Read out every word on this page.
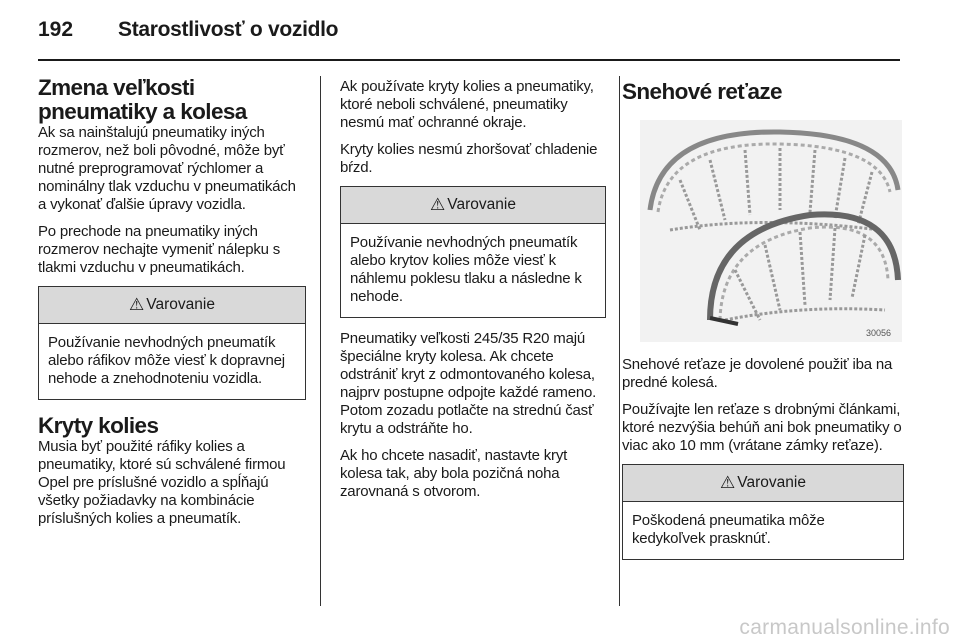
192	Starostlivosť o vozidlo
Zmena veľkosti
pneumatiky a kolesa

Ak sa nainštalujú pneumatiky iných rozmerov, než boli pôvodné, môže byť nutné preprogramovať rýchlomer a nominálny tlak vzduchu v pneumatikách a vykonať ďalšie úpravy vozidla.

Po prechode na pneumatiky iných rozmerov nechajte vymeniť nálepku s tlakmi vzduchu v pneumatikách.

⚠ Varovanie
Používanie nevhodných pneumatík alebo ráfikov môže viesť k dopravnej nehode a znehodnoteniu vozidla.
Kryty kolies

Musia byť použité ráfiky kolies a pneumatiky, ktoré sú schválené firmou Opel pre príslušné vozidlo a spĺňajú všetky požiadavky na kombinácie príslušných kolies a pneumatík.

Ak používate kryty kolies a pneumatiky, ktoré neboli schválené, pneumatiky nesmú mať ochranné okraje.

Kryty kolies nesmú zhoršovať chladenie bŕzd.

⚠ Varovanie
Používanie nevhodných pneumatík alebo krytov kolies môže viesť k náhlemu poklesu tlaku a následne k nehode.

Pneumatiky veľkosti 245/35 R20 majú špeciálne kryty kolesa. Ak chcete odstrániť kryt z odmontovaného kolesa, najprv postupne odpojte každé rameno. Potom zozadu potlačte na strednú časť krytu a odstráňte ho.

Ak ho chcete nasadiť, nastavte kryt kolesa tak, aby bola pozičná noha zarovnaná s otvorom.

Snehové reťaze
30056

Snehové reťaze je dovolené použiť iba na predné kolesá.

Používajte len reťaze s drobnými článkami, ktoré nezvýšia behúň ani bok pneumatiky o viac ako 10 mm (vrátane zámky reťaze).

⚠ Varovanie
Poškodená pneumatika môže kedykoľvek prasknúť.
carmanualsonline.info
